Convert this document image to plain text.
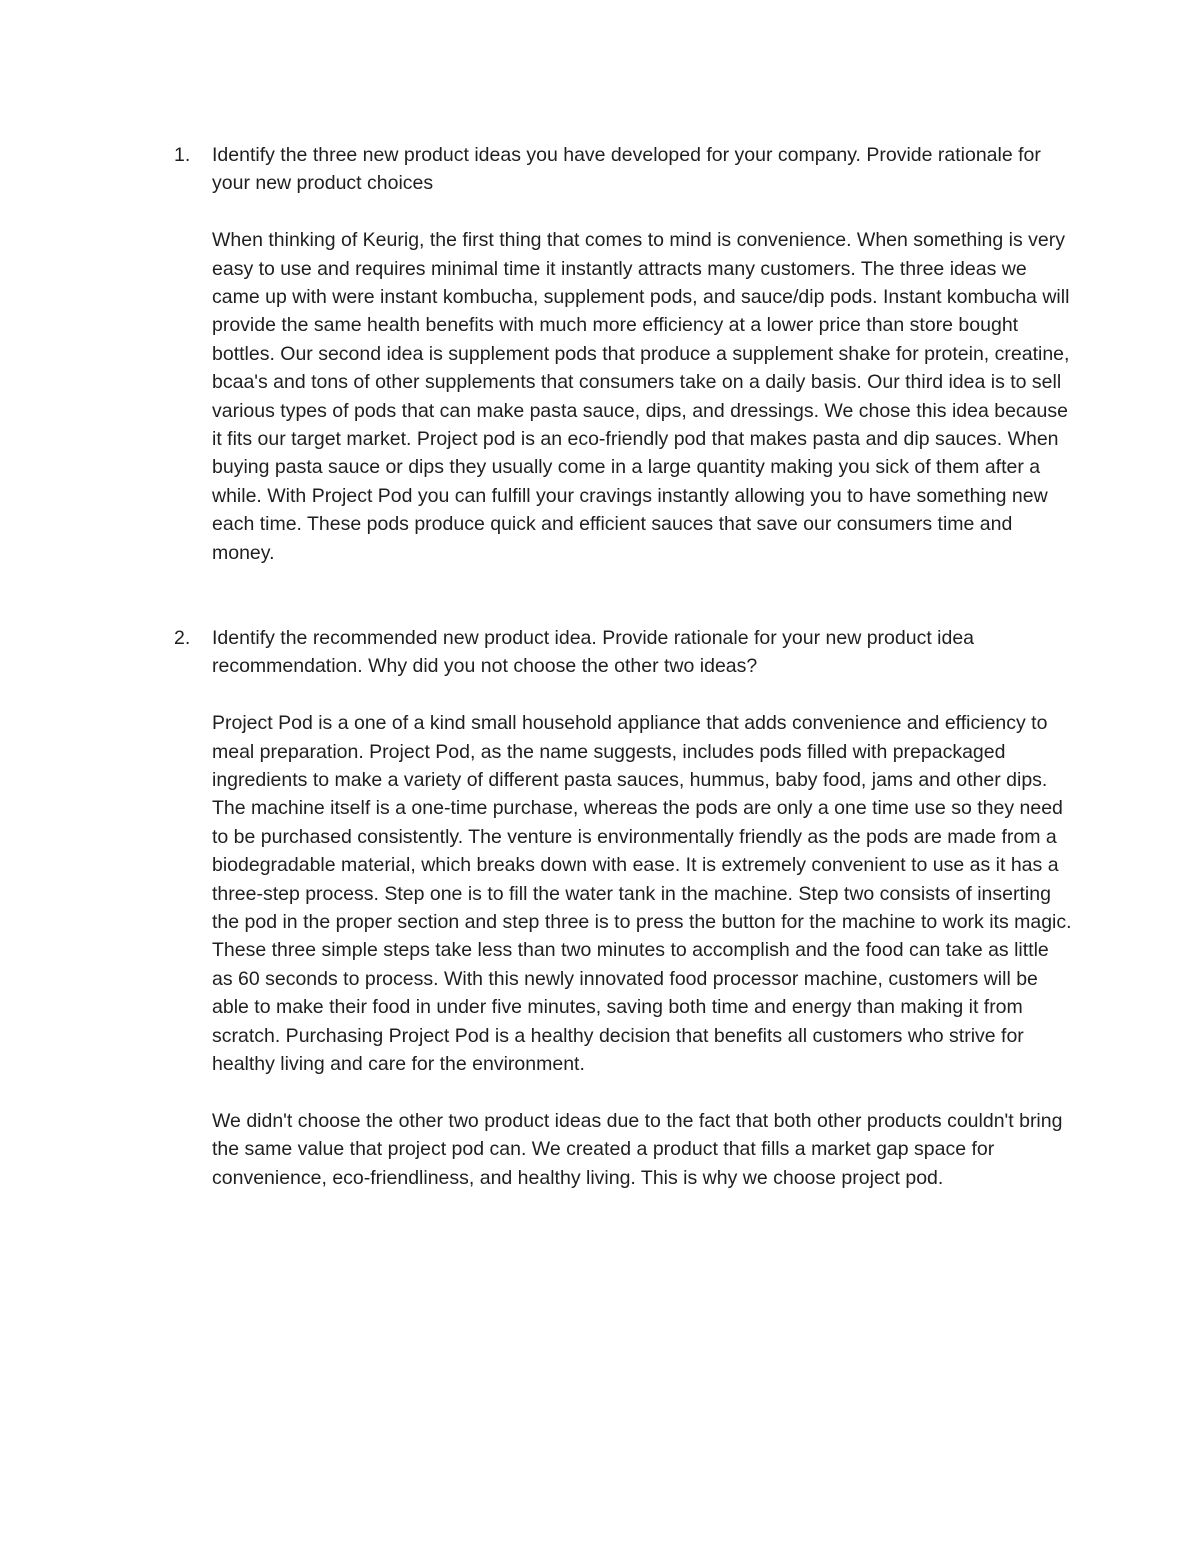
1.	Identify the three new product ideas you have developed for your company. Provide rationale for your new product choices

When thinking of Keurig, the first thing that comes to mind is convenience. When something is very easy to use and requires minimal time it instantly attracts many customers. The three ideas we came up with were instant kombucha, supplement pods, and sauce/dip pods. Instant kombucha will provide the same health benefits with much more efficiency at a lower price than store bought bottles. Our second idea is supplement pods that produce a supplement shake for protein, creatine, bcaa's and tons of other supplements that consumers take on a daily basis. Our third idea is to sell various types of pods that can make pasta sauce, dips, and dressings. We chose this idea because it fits our target market. Project pod is an eco-friendly pod that makes pasta and dip sauces. When buying pasta sauce or dips they usually come in a large quantity making you sick of them after a while. With Project Pod you can fulfill your cravings instantly allowing you to have something new each time. These pods produce quick and efficient sauces that save our consumers time and money.

2.	Identify the recommended new product idea. Provide rationale for your new product idea recommendation. Why did you not choose the other two ideas?

Project Pod is a one of a kind small household appliance that adds convenience and efficiency to meal preparation. Project Pod, as the name suggests, includes pods filled with prepackaged ingredients to make a variety of different pasta sauces, hummus, baby food, jams and other dips. The machine itself is a one-time purchase, whereas the pods are only a one time use so they need to be purchased consistently. The venture is environmentally friendly as the pods are made from a biodegradable material, which breaks down with ease. It is extremely convenient to use as it has a three-step process. Step one is to fill the water tank in the machine. Step two consists of inserting the pod in the proper section and step three is to press the button for the machine to work its magic. These three simple steps take less than two minutes to accomplish and the food can take as little as 60 seconds to process. With this newly innovated food processor machine, customers will be able to make their food in under five minutes, saving both time and energy than making it from scratch. Purchasing Project Pod is a healthy decision that benefits all customers who strive for healthy living and care for the environment.

We didn't choose the other two product ideas due to the fact that both other products couldn't bring the same value that project pod can. We created a product that fills a market gap space for convenience, eco-friendliness, and healthy living. This is why we choose project pod.
